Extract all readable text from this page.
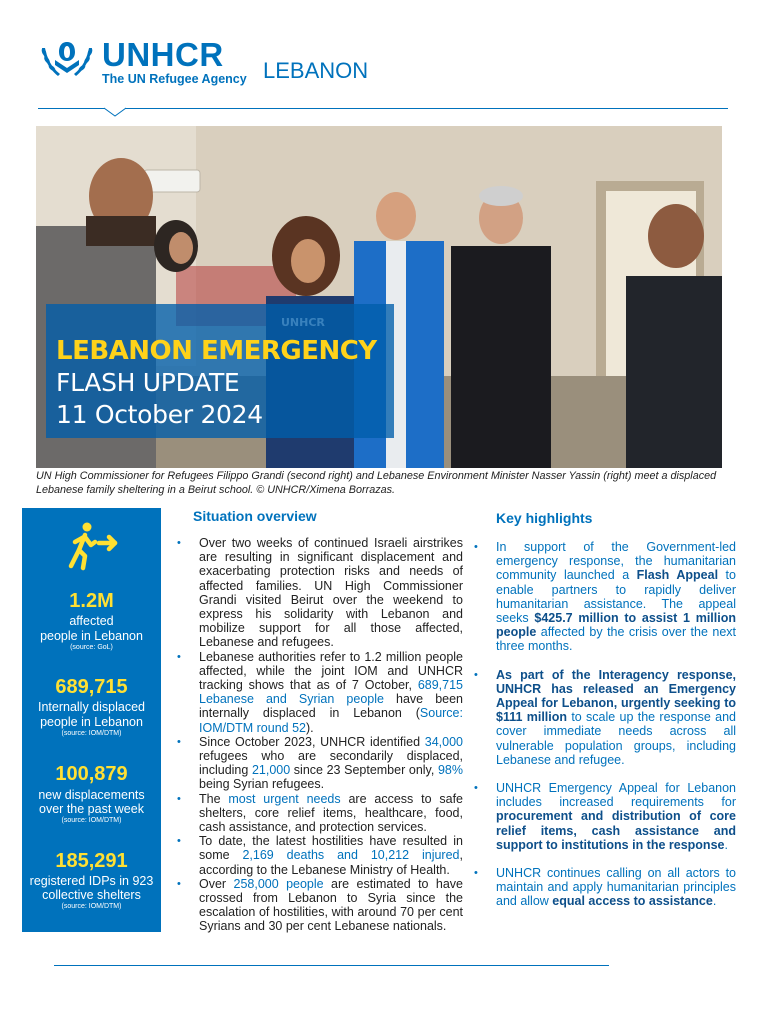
UNHCR
The UN Refugee Agency LEBANON
LEBANON EMERGENCY
FLASH UPDATE
11 October 2024
UN High Commissioner for Refugees Filippo Grandi (second right) and Lebanese Environment Minister Nasser Yassin (right) meet a displaced Lebanese family sheltering in a Beirut school. © UNHCR/Ximena Borrazas.
1.2M
affected
people in Lebanon
(source: GoL)
689,715
Internally displaced
people in Lebanon
(source: IOM/DTM)
100,879
new displacements
over the past week
(source: IOM/DTM)
185,291
registered IDPs in 923
collective shelters
(source: IOM/DTM)
Situation overview
• Over two weeks of continued Israeli airstrikes are resulting in significant displacement and exacerbating protection risks and needs of affected families. UN High Commissioner Grandi visited Beirut over the weekend to express his solidarity with Lebanon and mobilize support for all those affected, Lebanese and refugees.
• Lebanese authorities refer to 1.2 million people affected, while the joint IOM and UNHCR tracking shows that as of 7 October, 689,715 Lebanese and Syrian people have been internally displaced in Lebanon (Source: IOM/DTM round 52).
• Since October 2023, UNHCR identified 34,000 refugees who are secondarily displaced, including 21,000 since 23 September only, 98% being Syrian refugees.
• The most urgent needs are access to safe shelters, core relief items, healthcare, food, cash assistance, and protection services.
• To date, the latest hostilities have resulted in some 2,169 deaths and 10,212 injured, according to the Lebanese Ministry of Health.
• Over 258,000 people are estimated to have crossed from Lebanon to Syria since the escalation of hostilities, with around 70 per cent Syrians and 30 per cent Lebanese nationals.
Key highlights
• In support of the Government-led emergency response, the humanitarian community launched a Flash Appeal to enable partners to rapidly deliver humanitarian assistance. The appeal seeks $425.7 million to assist 1 million people affected by the crisis over the next three months.
• As part of the Interagency response, UNHCR has released an Emergency Appeal for Lebanon, urgently seeking to $111 million to scale up the response and cover immediate needs across all vulnerable population groups, including Lebanese and refugee.
• UNHCR Emergency Appeal for Lebanon includes increased requirements for procurement and distribution of core relief items, cash assistance and support to institutions in the response.
• UNHCR continues calling on all actors to maintain and apply humanitarian principles and allow equal access to assistance.
